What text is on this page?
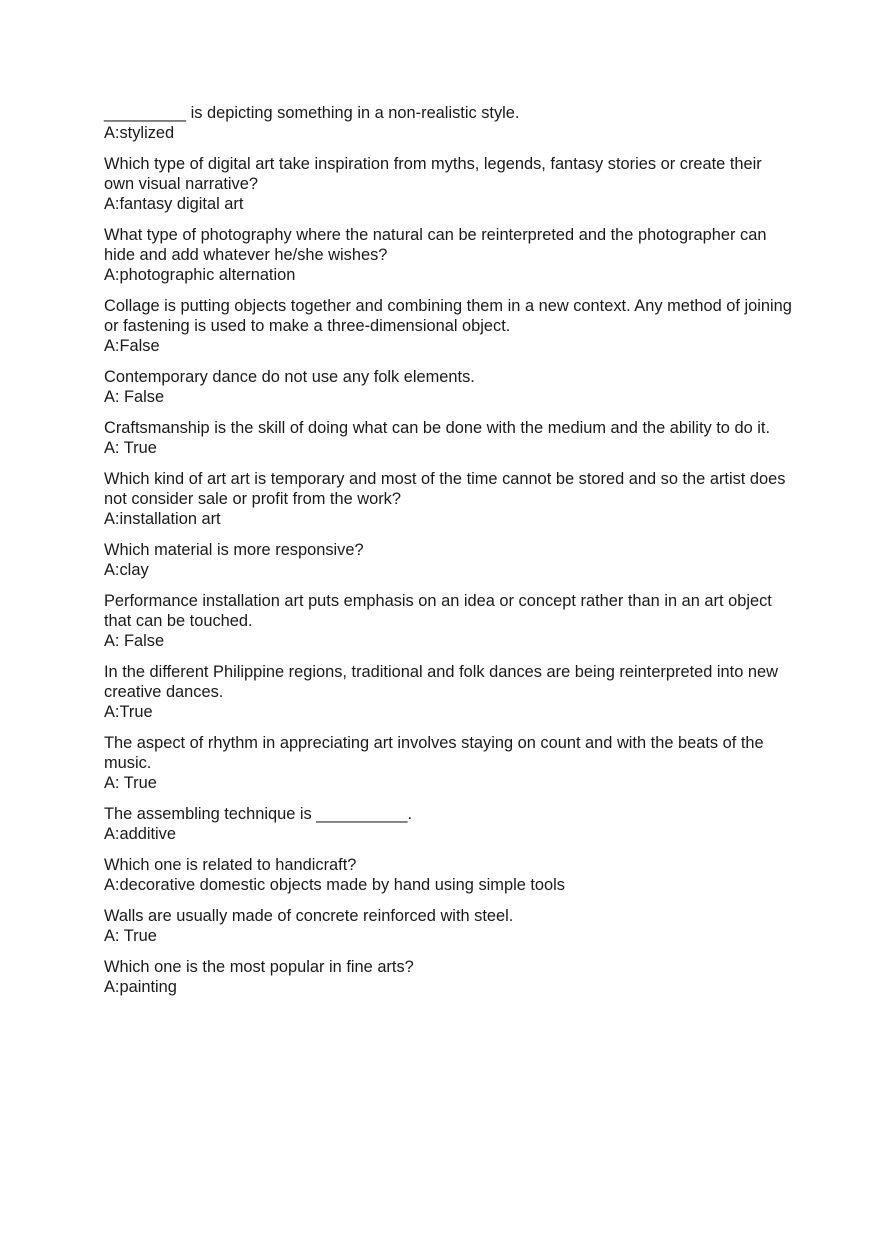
_________ is depicting something in a non-realistic style.
A:stylized
Which type of digital art take inspiration from myths, legends, fantasy stories or create their own visual narrative?
A:fantasy digital art
What type of photography where the natural can be reinterpreted and the photographer can hide and add whatever he/she wishes?
A:photographic alternation
Collage is putting objects together and combining them in a new context. Any method of joining or fastening is used to make a three-dimensional object.
A:False
Contemporary dance do not use any folk elements.
A: False
Craftsmanship is the skill of doing what can be done with the medium and the ability to do it.
A: True
Which kind of art art is temporary and most of the time cannot be stored and so the artist does not consider sale or profit from the work?
A:installation art
Which material is more responsive?
A:clay
Performance installation art puts emphasis on an idea or concept rather than in an art object that can be touched.
A: False
In the different Philippine regions, traditional and folk dances are being reinterpreted into new creative dances.
A:True
The aspect of rhythm in appreciating art involves staying on count and with the beats of the music.
A: True
The assembling technique is __________.
A:additive
Which one is related to handicraft?
A:decorative domestic objects made by hand using simple tools
Walls are usually made of concrete reinforced with steel.
A: True
Which one is the most popular in fine arts?
A:painting
